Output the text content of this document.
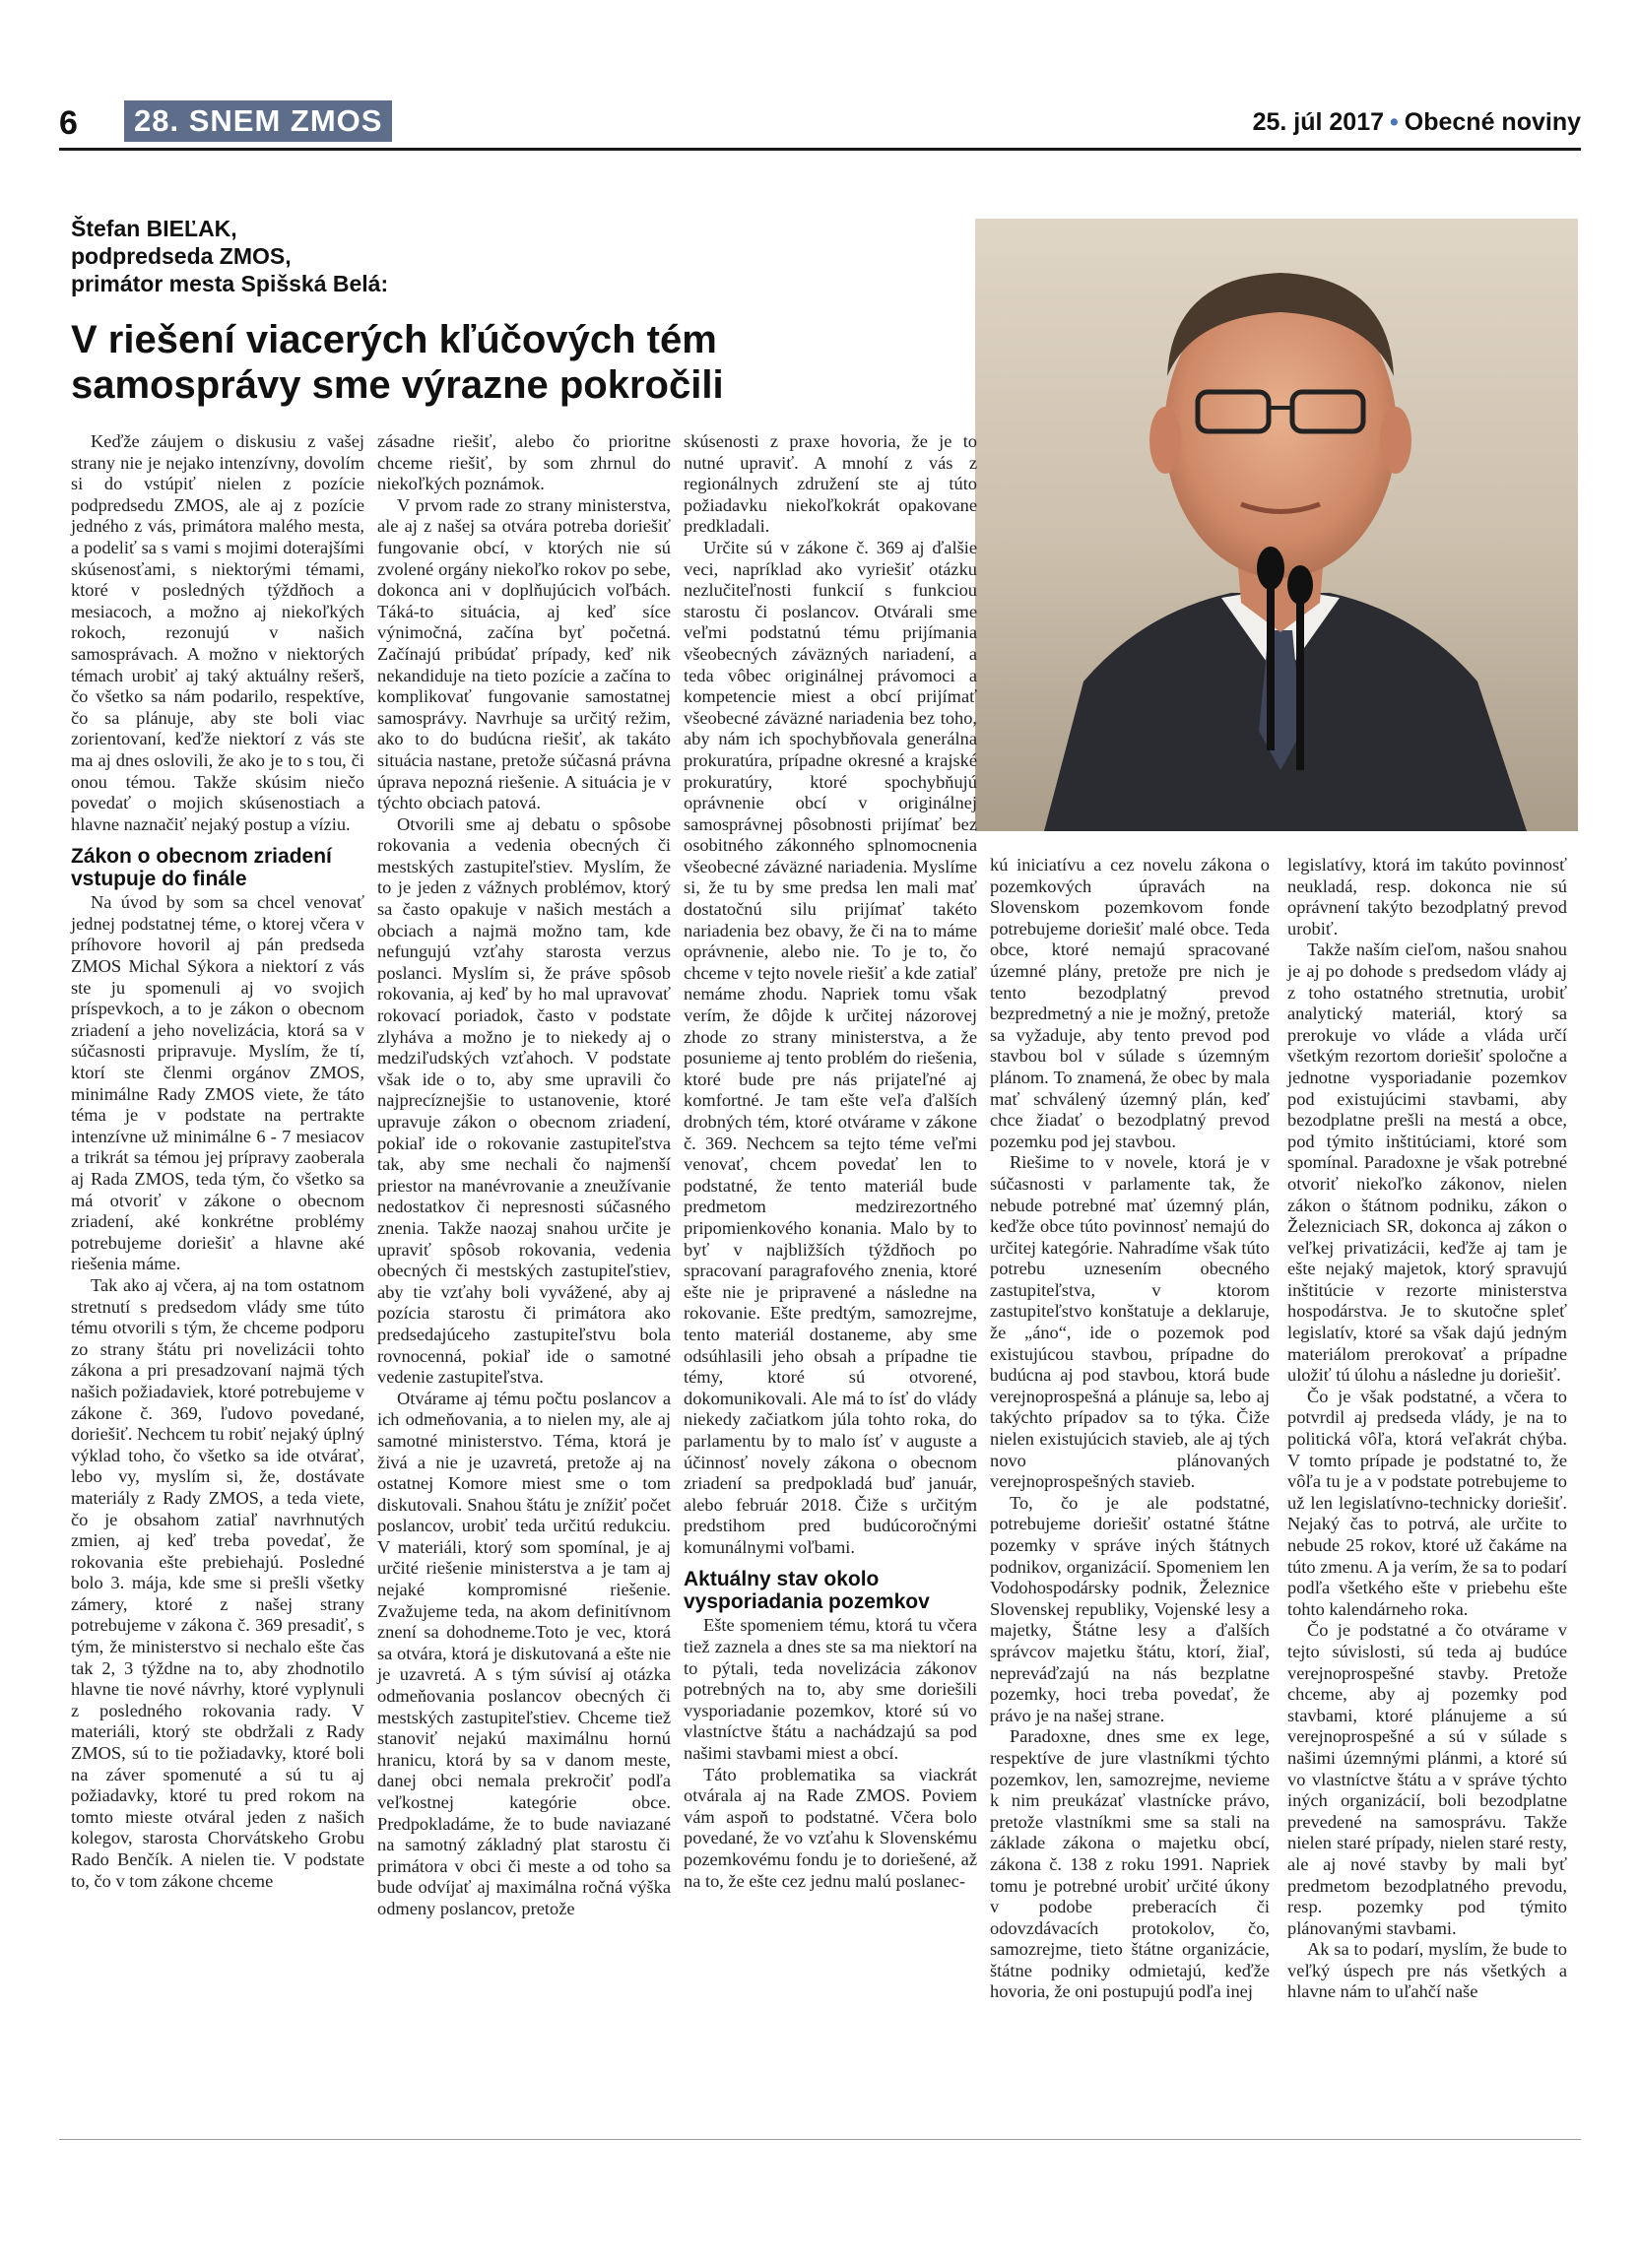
6	28. SNEM ZMOS	25. júl 2017 • Obecné noviny
Štefan BIEĽAK,
podpredseda ZMOS,
primátor mesta Spišská Belá:
V riešení viacerých kľúčových tém
samosprávy sme výrazne pokročili

Keďže záujem o diskusiu z vašej strany nie je nejako intenzívny, dovolím si do vstúpiť nielen z pozície podpredsedu ZMOS, ale aj z pozície jedného z vás, primátora malého mesta, a podeliť sa s vami s mojimi doterajšími skúsenosťami, s niektorými témami, ktoré v posledných týždňoch a mesiacoch, a možno aj niekoľkých rokoch, rezonujú v našich samosprávach. A možno v niektorých témach urobiť aj taký aktuálny rešerš, čo všetko sa nám podarilo, respektíve, čo sa plánuje, aby ste boli viac zorientovaní, keďže niektorí z vás ste ma aj dnes oslovili, že ako je to s tou, či onou témou. Takže skúsim niečo povedať o mojich skúsenostiach a hlavne naznačiť nejaký postup a víziu.

Zákon o obecnom zriadení vstupuje do finále

Na úvod by som sa chcel venovať jednej podstatnej téme, o ktorej včera v príhovore hovoril aj pán predseda ZMOS Michal Sýkora a niektorí z vás ste ju spomenuli aj vo svojich príspevkoch, a to je zákon o obecnom zriadení a jeho novelizácia, ktorá sa v súčasnosti pripravuje. Myslím, že tí, ktorí ste členmi orgánov ZMOS, minimálne Rady ZMOS viete, že táto téma je v podstate na pertrakte intenzívne už minimálne 6 - 7 mesiacov a trikrát sa témou jej prípravy zaoberala aj Rada ZMOS, teda tým, čo všetko sa má otvoriť v zákone o obecnom zriadení, aké konkrétne problémy potrebujeme doriešiť a hlavne aké riešenia máme.

Tak ako aj včera, aj na tom ostatnom stretnutí s predsedom vlády sme túto tému otvorili s tým, že chceme podporu zo strany štátu pri novelizácii tohto zákona a pri presadzovaní najmä tých našich požiadaviek, ktoré potrebujeme v zákone č. 369, ľudovo povedané, doriešiť. Nechcem tu robiť nejaký úplný výklad toho, čo všetko sa ide otvárať, lebo vy, myslím si, že, dostávate materiály z Rady ZMOS, a teda viete, čo je obsahom zatiaľ navrhnutých zmien, aj keď treba povedať, že rokovania ešte prebiehajú. Posledné bolo 3. mája, kde sme si prešli všetky zámery, ktoré z našej strany potrebujeme v zákona č. 369 presadiť, s tým, že ministerstvo si nechalo ešte čas tak 2, 3 týždne na to, aby zhodnotilo hlavne tie nové návrhy, ktoré vyplynuli z posledného rokovania rady. V materiáli, ktorý ste obdržali z Rady ZMOS, sú to tie požiadavky, ktoré boli na záver spomenuté a sú tu aj požiadavky, ktoré tu pred rokom na tomto mieste otváral jeden z našich kolegov, starosta Chorvátskeho Grobu Rado Benčík. A nielen tie. V podstate to, čo v tom zákone chceme

zásadne riešiť, alebo čo prioritne chceme riešiť, by som zhrnul do niekoľkých poznámok.

V prvom rade zo strany ministerstva, ale aj z našej sa otvára potreba doriešiť fungovanie obcí, v ktorých nie sú zvolené orgány niekoľko rokov po sebe, dokonca ani v doplňujúcich voľbách. Táká-to situácia, aj keď síce výnimočná, začína byť početná. Začínajú pribúdať prípady, keď nik nekandiduje na tieto pozície a začína to komplikovať fungovanie samostatnej samosprávy. Navrhuje sa určitý režim, ako to do budúcna riešiť, ak takáto situácia nastane, pretože súčasná právna úprava nepozná riešenie. A situácia je v týchto obciach patová.

Otvorili sme aj debatu o spôsobe rokovania a vedenia obecných či mestských zastupiteľstiev. Myslím, že to je jeden z vážnych problémov, ktorý sa často opakuje v našich mestách a obciach a najmä možno tam, kde nefungujú vzťahy starosta verzus poslanci. Myslím si, že práve spôsob rokovania, aj keď by ho mal upravovať rokovací poriadok, často v podstate zlyháva a možno je to niekedy aj o medziľudských vzťahoch. V podstate však ide o to, aby sme upravili čo najprecíznejšie to ustanovenie, ktoré upravuje zákon o obecnom zriadení, pokiaľ ide o rokovanie zastupiteľstva tak, aby sme nechali čo najmenší priestor na manévrovanie a zneužívanie nedostatkov či nepresnosti súčasného znenia. Takže naozaj snahou určite je upraviť spôsob rokovania, vedenia obecných či mestských zastupiteľstiev, aby tie vzťahy boli vyvážené, aby aj pozícia starostu či primátora ako predsedajúceho zastupiteľstvu bola rovnocenná, pokiaľ ide o samotné vedenie zastupiteľstva.

Otvárame aj tému počtu poslancov a ich odmeňovania, a to nielen my, ale aj samotné ministerstvo. Téma, ktorá je živá a nie je uzavretá, pretože aj na ostatnej Komore miest sme o tom diskutovali. Snahou štátu je znížiť počet poslancov, urobiť teda určitú redukciu. V materiáli, ktorý som spomínal, je aj určité riešenie ministerstva a je tam aj nejaké kompromisné riešenie. Zvažujeme teda, na akom definitívnom znení sa dohodneme.Toto je vec, ktorá sa otvára, ktorá je diskutovaná a ešte nie je uzavretá. A s tým súvisí aj otázka odmeňovania poslancov obecných či mestských zastupiteľstiev. Chceme tiež stanoviť nejakú maximálnu hornú hranicu, ktorá by sa v danom meste, danej obci nemala prekročiť podľa veľkostnej kategórie obce. Predpokladáme, že to bude naviazané na samotný základný plat starostu či primátora v obci či meste a od toho sa bude odvíjať aj maximálna ročná výška odmeny poslancov, pretože

skúsenosti z praxe hovoria, že je to nutné upraviť. A mnohí z vás z regionálnych združení ste aj túto požiadavku niekoľkokrát opakovane predkladali.

Určite sú v zákone č. 369 aj ďalšie veci, napríklad ako vyriešiť otázku nezlučiteľnosti funkcií s funkciou starostu či poslancov. Otvárali sme veľmi podstatnú tému prijímania všeobecných záväzných nariadení, a teda vôbec originálnej právomoci a kompetencie miest a obcí prijímať všeobecné záväzné nariadenia bez toho, aby nám ich spochybňovala generálna prokuratúra, prípadne okresné a krajské prokuratúry, ktoré spochybňujú oprávnenie obcí v originálnej samosprávnej pôsobnosti prijímať bez osobitného zákonného splnomocnenia všeobecné záväzné nariadenia. Myslíme si, že tu by sme predsa len mali mať dostatočnú silu prijímať takéto nariadenia bez obavy, že či na to máme oprávnenie, alebo nie. To je to, čo chceme v tejto novele riešiť a kde zatiaľ nemáme zhodu. Napriek tomu však verím, že dôjde k určitej názorovej zhode zo strany ministerstva, a že posunieme aj tento problém do riešenia, ktoré bude pre nás prijateľné aj komfortné. Je tam ešte veľa ďalších drobných tém, ktoré otvárame v zákone č. 369. Nechcem sa tejto téme veľmi venovať, chcem povedať len to podstatné, že tento materiál bude predmetom medzirezortného pripomienkového konania. Malo by to byť v najbližších týždňoch po spracovaní paragrafového znenia, ktoré ešte nie je pripravené a následne na rokovanie. Ešte predtým, samozrejme, tento materiál dostaneme, aby sme odsúhlasili jeho obsah a prípadne tie témy, ktoré sú otvorené, dokomunikovali. Ale má to ísť do vlády niekedy začiatkom júla tohto roka, do parlamentu by to malo ísť v auguste a účinnosť novely zákona o obecnom zriadení sa predpokladá buď január, alebo február 2018. Čiže s určitým predstihom pred budúcoročnými komunálnymi voľbami.

Aktuálny stav okolo vysporiadania pozemkov

Ešte spomeniem tému, ktorá tu včera tiež zaznela a dnes ste sa ma niektorí na to pýtali, teda novelizácia zákonov potrebných na to, aby sme doriešili vysporiadanie pozemkov, ktoré sú vo vlastníctve štátu a nachádzajú sa pod našimi stavbami miest a obcí.

Táto problematika sa viackrát otvárala aj na Rade ZMOS. Poviem vám aspoň to podstatné. Včera bolo povedané, že vo vzťahu k Slovenskému pozemkovému fondu je to doriešené, až na to, že ešte cez jednu malú poslanec-

kú iniciatívu a cez novelu zákona o pozemkových úpravách na Slovenskom pozemkovom fonde potrebujeme doriešiť malé obce. Teda obce, ktoré nemajú spracované územné plány, pretože pre nich je tento bezodplatný prevod bezpredmetný a nie je možný, pretože sa vyžaduje, aby tento prevod pod stavbou bol v súlade s územným plánom. To znamená, že obec by mala mať schválený územný plán, keď chce žiadať o bezodplatný prevod pozemku pod jej stavbou.

Riešime to v novele, ktorá je v súčasnosti v parlamente tak, že nebude potrebné mať územný plán, keďže obce túto povinnosť nemajú do určitej kategórie. Nahradíme však túto potrebu uznesením obecného zastupiteľstva, v ktorom zastupiteľstvo konštatuje a deklaruje, že „áno“, ide o pozemok pod existujúcou stavbou, prípadne do budúcna aj pod stavbou, ktorá bude verejnoprospešná a plánuje sa, lebo aj takýchto prípadov sa to týka. Čiže nielen existujúcich stavieb, ale aj tých novo plánovaných verejnoprospešných stavieb.

To, čo je ale podstatné, potrebujeme doriešiť ostatné štátne pozemky v správe iných štátnych podnikov, organizácií. Spomeniem len Vodohospodársky podnik, Železnice Slovenskej republiky, Vojenské lesy a majetky, Štátne lesy a ďalších správcov majetku štátu, ktorí, žiaľ, nepreváďzajú na nás bezplatne pozemky, hoci treba povedať, že právo je na našej strane.

Paradoxne, dnes sme ex lege, respektíve de jure vlastníkmi týchto pozemkov, len, samozrejme, nevieme k nim preukázať vlastnícke právo, pretože vlastníkmi sme sa stali na základe zákona o majetku obcí, zákona č. 138 z roku 1991. Napriek tomu je potrebné urobiť určité úkony v podobe preberacích či odovzdávacích protokolov, čo, samozrejme, tieto štátne organizácie, štátne podniky odmietajú, keďže hovoria, že oni postupujú podľa inej

legislatívy, ktorá im takúto povinnosť neukladá, resp. dokonca nie sú oprávnení takýto bezodplatný prevod urobiť.

Takže naším cieľom, našou snahou je aj po dohode s predsedom vlády aj z toho ostatného stretnutia, urobiť analytický materiál, ktorý sa prerokuje vo vláde a vláda určí všetkým rezortom doriešiť spoločne a jednotne vysporiadanie pozemkov pod existujúcimi stavbami, aby bezodplatne prešli na mestá a obce, pod týmito inštitúciami, ktoré som spomínal. Paradoxne je však potrebné otvoriť niekoľko zákonov, nielen zákon o štátnom podniku, zákon o Železniciach SR, dokonca aj zákon o veľkej privatizácii, keďže aj tam je ešte nejaký majetok, ktorý spravujú inštitúcie v rezorte ministerstva hospodárstva. Je to skutočne spleť legislatív, ktoré sa však dajú jedným materiálom prerokovať a prípadne uložiť tú úlohu a následne ju doriešiť.

Čo je však podstatné, a včera to potvrdil aj predseda vlády, je na to politická vôľa, ktorá veľakrát chýba. V tomto prípade je podstatné to, že vôľa tu je a v podstate potrebujeme to už len legislatívno-technicky doriešiť. Nejaký čas to potrvá, ale určite to nebude 25 rokov, ktoré už čakáme na túto zmenu. A ja verím, že sa to podarí podľa všetkého ešte v priebehu ešte tohto kalendárneho roka.

Čo je podstatné a čo otvárame v tejto súvislosti, sú teda aj budúce verejnoprospešné stavby. Pretože chceme, aby aj pozemky pod stavbami, ktoré plánujeme a sú verejnoprospešné a sú v súlade s našimi územnými plánmi, a ktoré sú vo vlastníctve štátu a v správe týchto iných organizácií, boli bezodplatne prevedené na samosprávu. Takže nielen staré prípady, nielen staré resty, ale aj nové stavby by mali byť predmetom bezodplatného prevodu, resp. pozemky pod týmito plánovanými stavbami.

Ak sa to podarí, myslím, že bude to veľký úspech pre nás všetkých a hlavne nám to uľahčí naše
